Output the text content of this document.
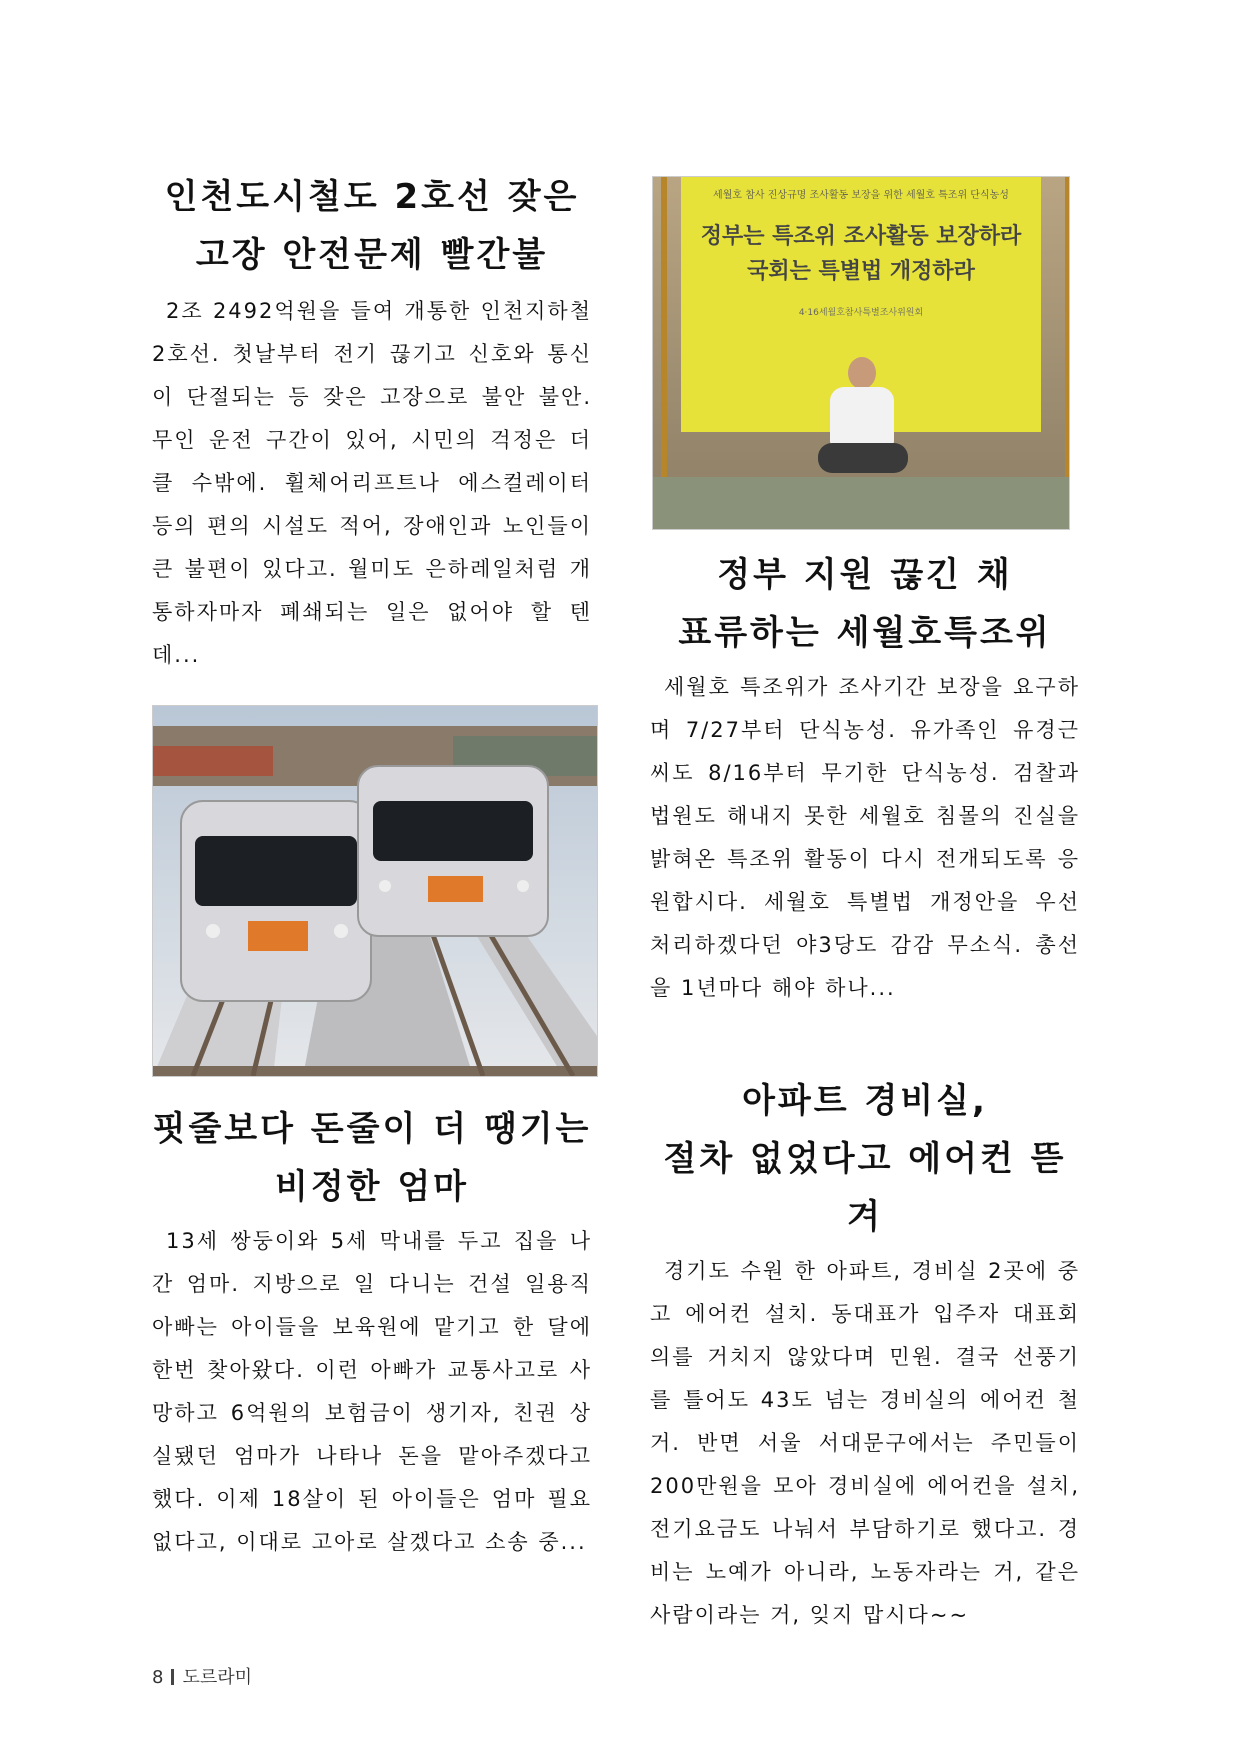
인천도시철도 2호선 잦은

고장 안전문제 빨간불

2조 2492억원을 들여 개통한 인천지하철 2호선. 첫날부터 전기 끊기고 신호와 통신이 단절되는 등 잦은 고장으로 불안 불안. 무인 운전 구간이 있어, 시민의 걱정은 더 클 수밖에. 휠체어리프트나 에스컬레이터 등의 편의 시설도 적어, 장애인과 노인들이 큰 불편이 있다고. 월미도 은하레일처럼 개통하자마자 폐쇄되는 일은 없어야 할 텐데...

핏줄보다 돈줄이 더 땡기는

비정한 엄마

13세 쌍둥이와 5세 막내를 두고 집을 나간 엄마. 지방으로 일 다니는 건설 일용직 아빠는 아이들을 보육원에 맡기고 한 달에 한번 찾아왔다. 이런 아빠가 교통사고로 사망하고 6억원의 보험금이 생기자, 친권 상실됐던 엄마가 나타나 돈을 맡아주겠다고 했다. 이제 18살이 된 아이들은 엄마 필요 없다고, 이대로 고아로 살겠다고 소송 중...

세월호 참사 진상규명 조사활동 보장을 위한 세월호 특조위 단식농성
정부는 특조위 조사활동 보장하라
국회는 특별법 개정하라
4·16세월호참사특별조사위원회

정부 지원 끊긴 채

표류하는 세월호특조위

세월호 특조위가 조사기간 보장을 요구하며 7/27부터 단식농성. 유가족인 유경근 씨도 8/16부터 무기한 단식농성. 검찰과 법원도 해내지 못한 세월호 침몰의 진실을 밝혀온 특조위 활동이 다시 전개되도록 응원합시다. 세월호 특별법 개정안을 우선 처리하겠다던 야3당도 감감 무소식. 총선을 1년마다 해야 하나...

아파트 경비실,

절차 없었다고 에어컨 뜯겨

경기도 수원 한 아파트, 경비실 2곳에 중고 에어컨 설치. 동대표가 입주자 대표회의를 거치지 않았다며 민원. 결국 선풍기를 틀어도 43도 넘는 경비실의 에어컨 철거. 반면 서울 서대문구에서는 주민들이 200만원을 모아 경비실에 에어컨을 설치, 전기요금도 나눠서 부담하기로 했다고. 경비는 노예가 아니라, 노동자라는 거, 같은 사람이라는 거, 잊지 맙시다~~

8 도르라미
